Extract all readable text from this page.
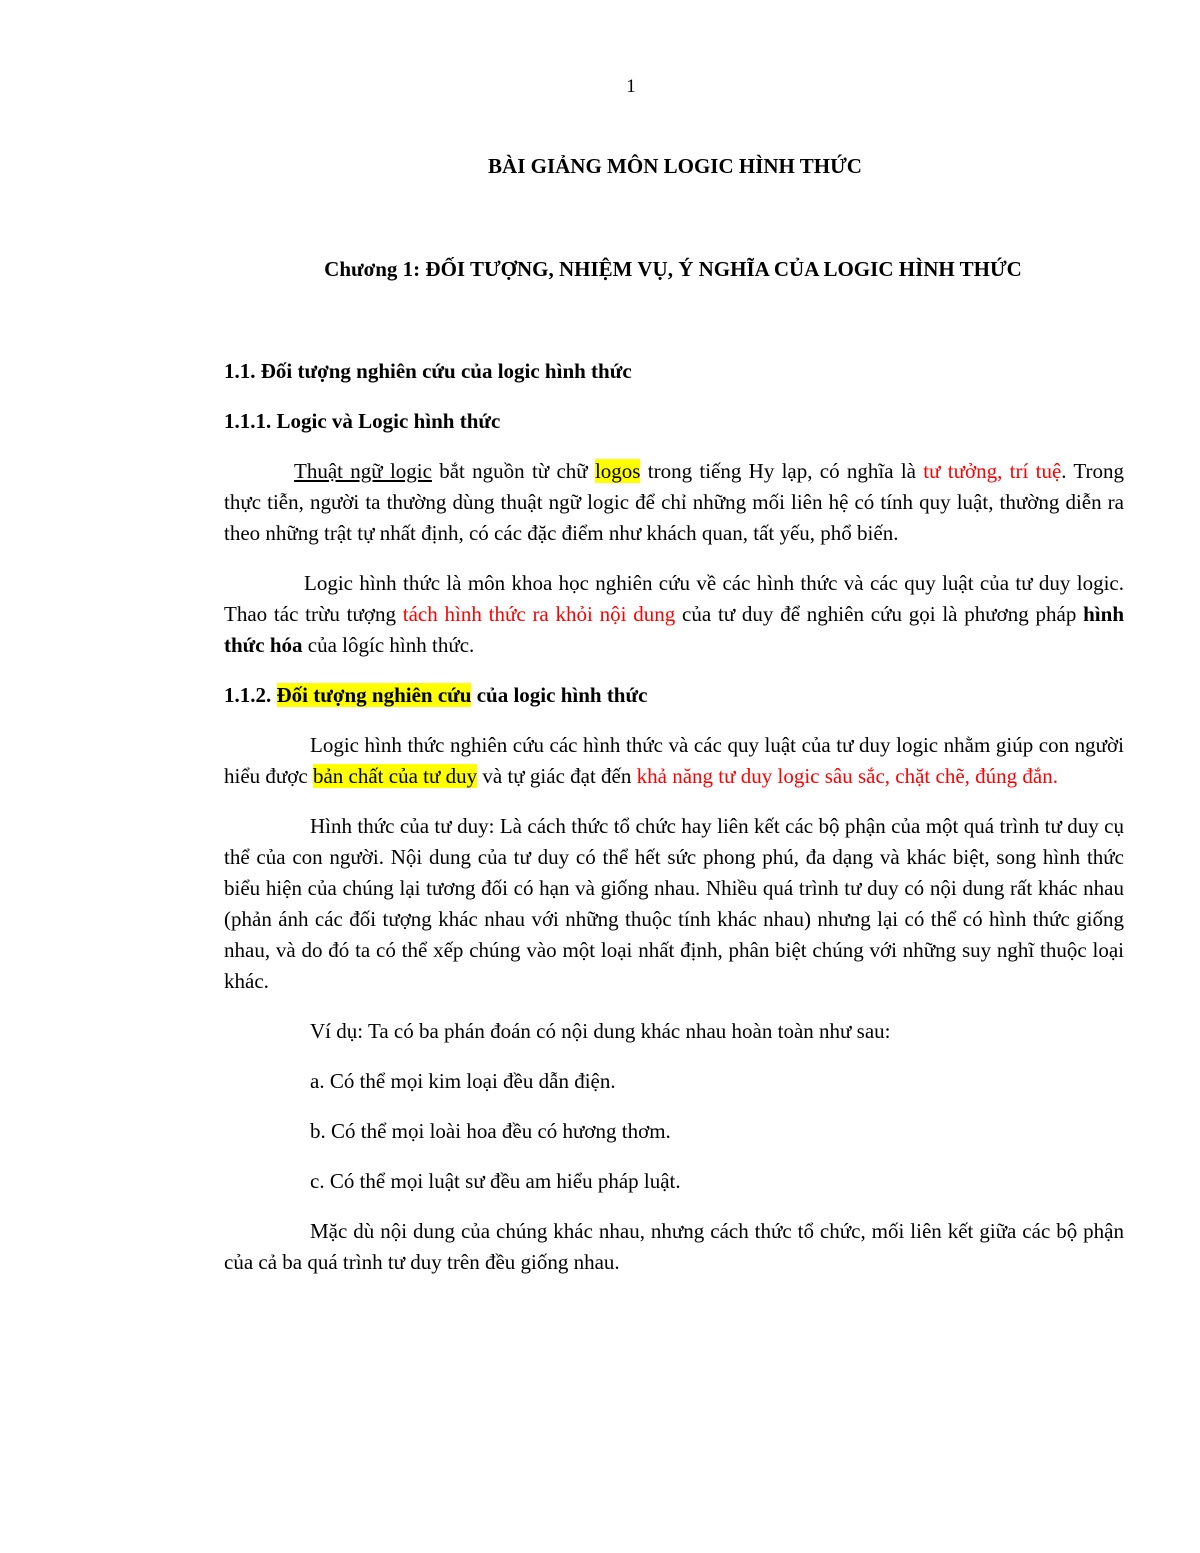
1
BÀI GIẢNG MÔN LOGIC HÌNH THỨC
Chương 1: ĐỐI TƯỢNG, NHIỆM VỤ, Ý NGHĨA CỦA LOGIC HÌNH THỨC

1.1. Đối tượng nghiên cứu của logic hình thức

1.1.1. Logic và Logic hình thức

Thuật ngữ logic bắt nguồn từ chữ logos trong tiếng Hy lạp, có nghĩa là tư tưởng, trí tuệ. Trong thực tiễn, người ta thường dùng thuật ngữ logic để chỉ những mối liên hệ có tính quy luật, thường diễn ra theo những trật tự nhất định, có các đặc điểm như khách quan, tất yếu, phổ biến.

Logic hình thức là môn khoa học nghiên cứu về các hình thức và các quy luật của tư duy logic. Thao tác trừu tượng tách hình thức ra khỏi nội dung của tư duy để nghiên cứu gọi là phương pháp hình thức hóa của lôgíc hình thức.

1.1.2. Đối tượng nghiên cứu của logic hình thức

Logic hình thức nghiên cứu các hình thức và các quy luật của tư duy logic nhằm giúp con người hiểu được bản chất của tư duy và tự giác đạt đến khả năng tư duy logic sâu sắc, chặt chẽ, đúng đắn.

Hình thức của tư duy: Là cách thức tổ chức hay liên kết các bộ phận của một quá trình tư duy cụ thể của con người. Nội dung của tư duy có thể hết sức phong phú, đa dạng và khác biệt, song hình thức biểu hiện của chúng lại tương đối có hạn và giống nhau. Nhiều quá trình tư duy có nội dung rất khác nhau (phản ánh các đối tượng khác nhau với những thuộc tính khác nhau) nhưng lại có thể có hình thức giống nhau, và do đó ta có thể xếp chúng vào một loại nhất định, phân biệt chúng với những suy nghĩ thuộc loại khác.

Ví dụ: Ta có ba phán đoán có nội dung khác nhau hoàn toàn như sau:

a. Có thể mọi kim loại đều dẫn điện.

b. Có thể mọi loài hoa đều có hương thơm.

c. Có thể mọi luật sư đều am hiểu pháp luật.

Mặc dù nội dung của chúng khác nhau, nhưng cách thức tổ chức, mối liên kết giữa các bộ phận của cả ba quá trình tư duy trên đều giống nhau.
